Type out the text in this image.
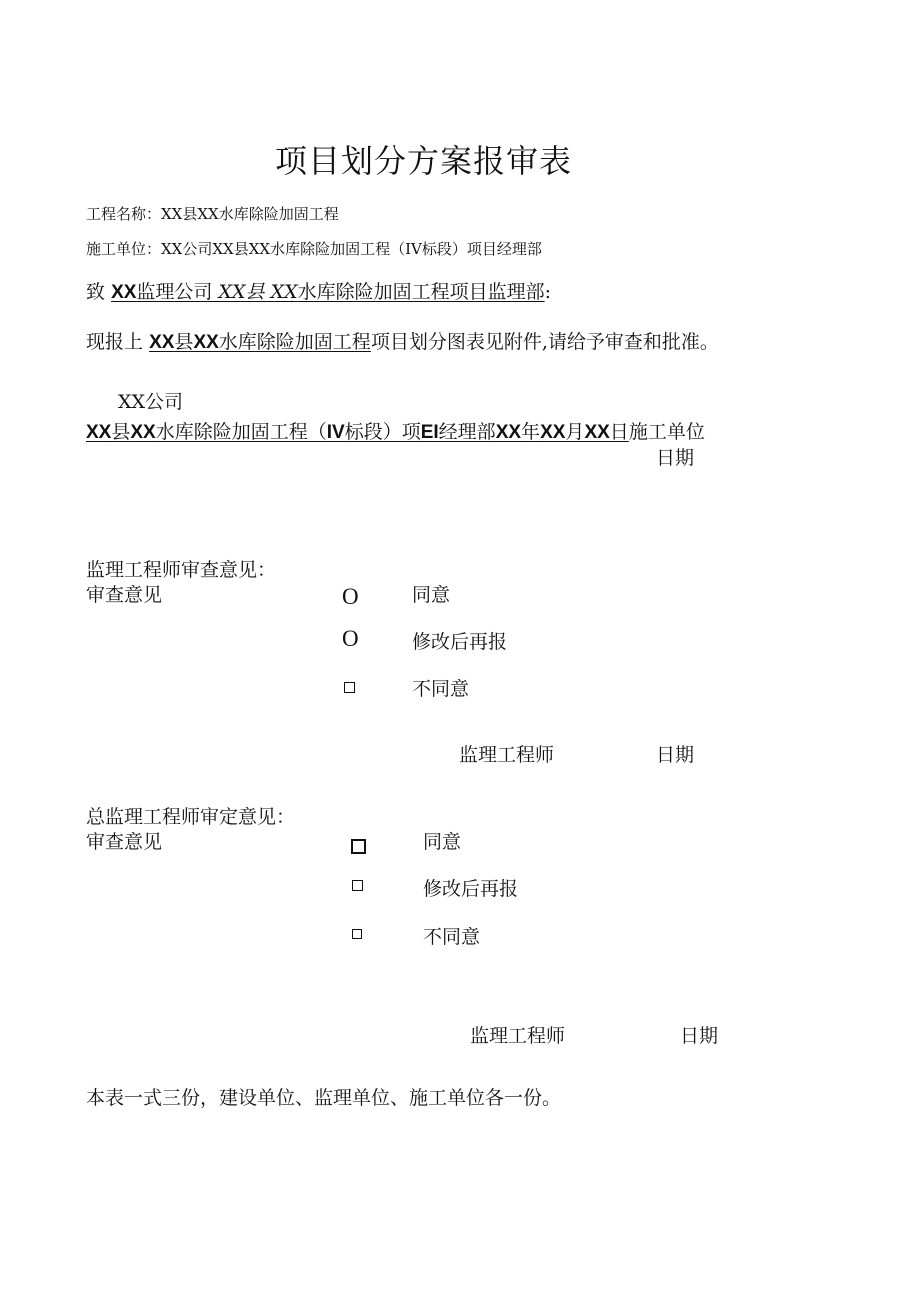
项目划分方案报审表
工程名称：XX县XX水库除险加固工程
施工单位：XX公司XX县XX水库除险加固工程（IV标段）项目经理部
致 XX监理公司 XX县 XX水库除险加固工程项目监理部:
现报上 XX县XX水库除险加固工程项目划分图表见附件,请给予审查和批准。
XX公司
XX县XX水库除险加固工程（IV标段）项EI经理部XX年XX月XX日施工单位
日期
监理工程师审查意见：
审查意见	O	同意
O	修改后再报
不同意
监理工程师	日期
总监理工程师审定意见：
审查意见	同意
修改后再报
不同意
监理工程师	日期
本表一式三份，建设单位、监理单位、施工单位各一份。
